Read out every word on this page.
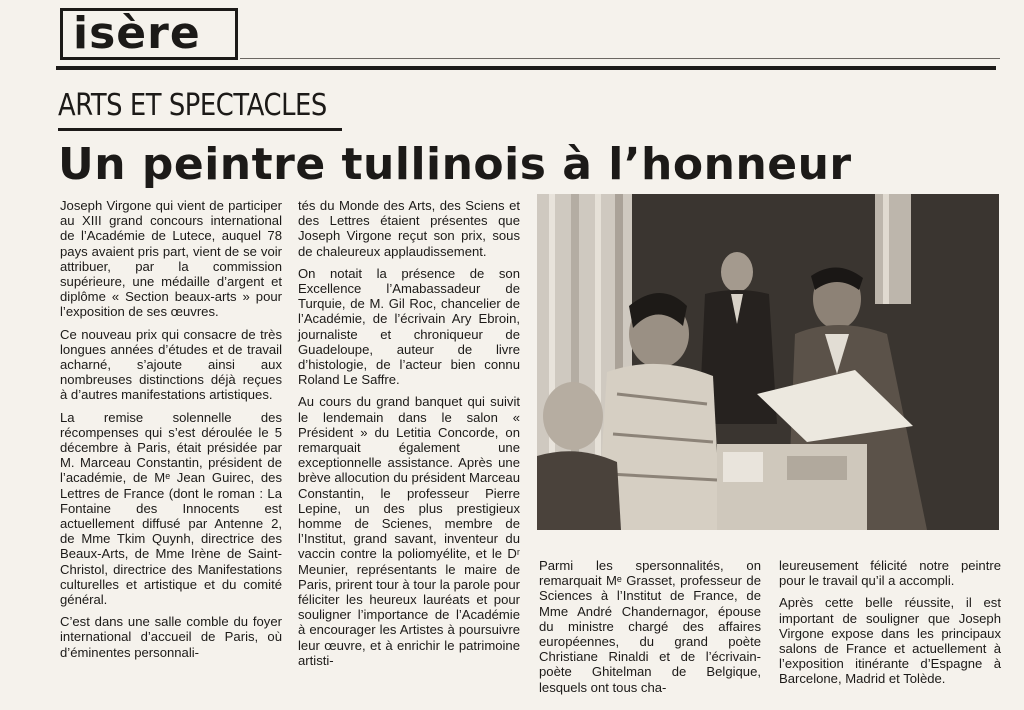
isère
ARTS ET SPECTACLES
Un peintre tullinois à l’honneur

Joseph Virgone qui vient de participer au XIII grand concours international de l’Académie de Lutece, auquel 78 pays avaient pris part, vient de se voir attribuer, par la commission supérieure, une médaille d’argent et diplôme « Section beaux-arts » pour l’exposition de ses œuvres.

Ce nouveau prix qui consacre de très longues années d’études et de travail acharné, s’ajoute ainsi aux nombreuses distinctions déjà reçues à d’autres manifestations artistiques.

La remise solennelle des récompenses qui s’est déroulée le 5 décembre à Paris, était présidée par M. Marceau Constantin, président de l’académie, de Mᵉ Jean Guirec, des Lettres de France (dont le roman : La Fontaine des Innocents est actuellement diffusé par Antenne 2, de Mme Tkim Quynh, directrice des Beaux-Arts, de Mme Irène de Saint-Christol, directrice des Manifestations culturelles et artistique et du comité général.

C’est dans une salle comble du foyer international d’accueil de Paris, où d’éminentes personnali-

tés du Monde des Arts, des Sciens et des Lettres étaient présentes que Joseph Virgone reçut son prix, sous de chaleureux applaudissement.

On notait la présence de son Excellence l’Amabassadeur de Turquie, de M. Gil Roc, chancelier de l’Académie, de l’écrivain Ary Ebroin, journaliste et chroniqueur de Guadeloupe, auteur de livre d’histologie, de l’acteur bien connu Roland Le Saffre.

Au cours du grand banquet qui suivit le lendemain dans le salon « Président » du Letitia Concorde, on remarquait également une exceptionnelle assistance. Après une brève allocution du président Marceau Constantin, le professeur Pierre Lepine, un des plus prestigieux homme de Scienes, membre de l’Institut, grand savant, inventeur du vaccin contre la poliomyélite, et le Dʳ Meunier, représentants le maire de Paris, prirent tour à tour la parole pour féliciter les heureux lauréats et pour souligner l’importance de l’Académie à encourager les Artistes à poursuivre leur œuvre, et à enrichir le patrimoine artisti-

Parmi les spersonnalités, on remarquait Mᵉ Grasset, professeur de Sciences à l’Institut de France, de Mme André Chandernagor, épouse du ministre chargé des affaires européennes, du grand poète Christiane Rinaldi et de l’écrivain-poète Ghitelman de Belgique, lesquels ont tous cha-

leureusement félicité notre peintre pour le travail qu’il a accompli.

Après cette belle réussite, il est important de souligner que Joseph Virgone expose dans les principaux salons de France et actuellement à l’exposition itinérante d’Espagne à Barcelone, Madrid et Tolède.
